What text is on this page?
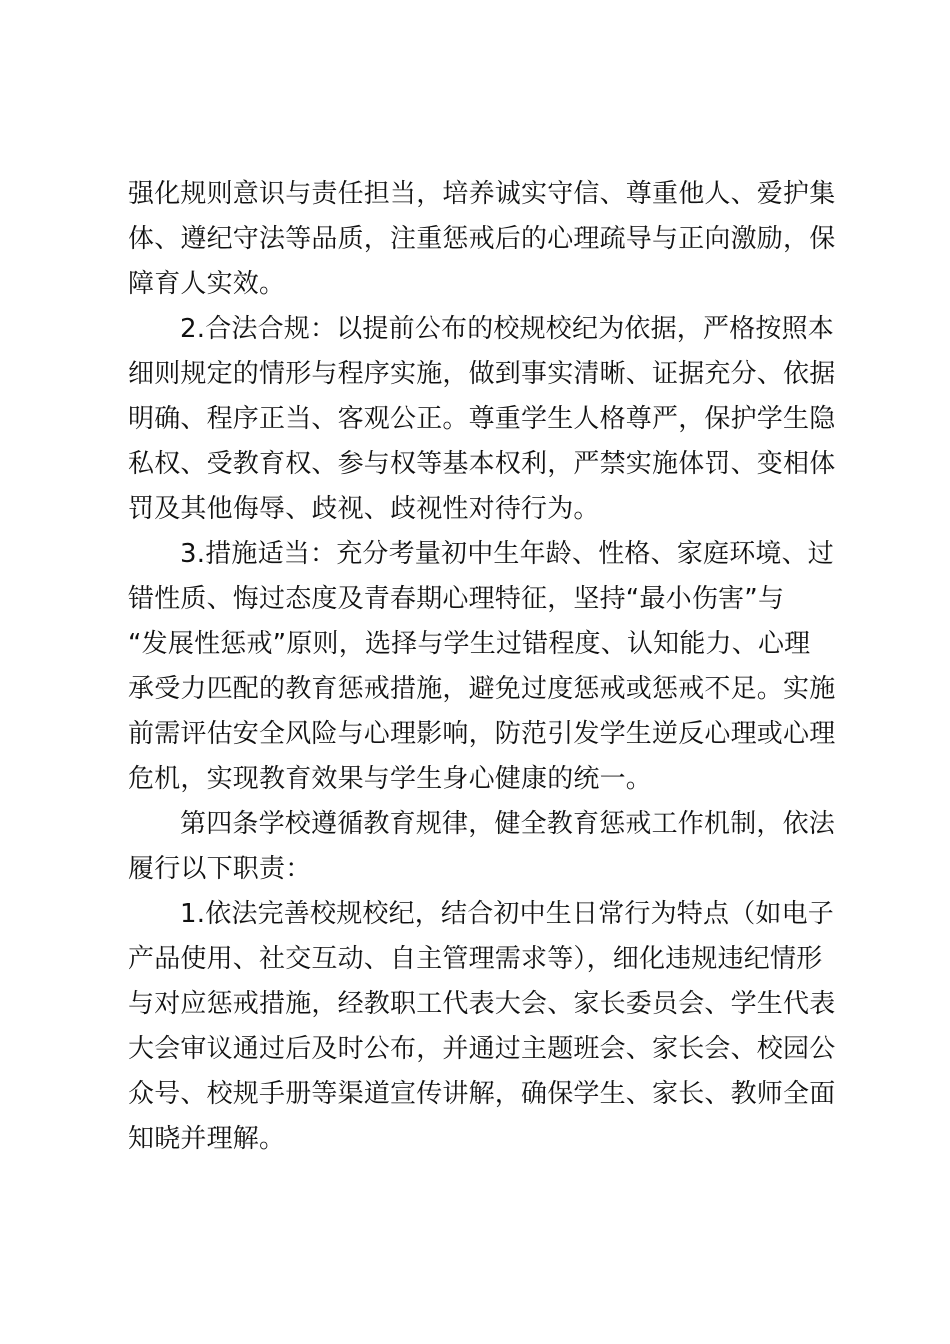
强化规则意识与责任担当，培养诚实守信、尊重他人、爱护集
体、遵纪守法等品质，注重惩戒后的心理疏导与正向激励，保
障育人实效。
2.合法合规：以提前公布的校规校纪为依据，严格按照本
细则规定的情形与程序实施，做到事实清晰、证据充分、依据
明确、程序正当、客观公正。尊重学生人格尊严，保护学生隐
私权、受教育权、参与权等基本权利，严禁实施体罚、变相体
罚及其他侮辱、歧视、歧视性对待行为。
3.措施适当：充分考量初中生年龄、性格、家庭环境、过
错性质、悔过态度及青春期心理特征，坚持“最小伤害”与
“发展性惩戒”原则，选择与学生过错程度、认知能力、心理
承受力匹配的教育惩戒措施，避免过度惩戒或惩戒不足。实施
前需评估安全风险与心理影响，防范引发学生逆反心理或心理
危机，实现教育效果与学生身心健康的统一。
第四条学校遵循教育规律，健全教育惩戒工作机制，依法
履行以下职责：
1.依法完善校规校纪，结合初中生日常行为特点（如电子
产品使用、社交互动、自主管理需求等），细化违规违纪情形
与对应惩戒措施，经教职工代表大会、家长委员会、学生代表
大会审议通过后及时公布，并通过主题班会、家长会、校园公
众号、校规手册等渠道宣传讲解，确保学生、家长、教师全面
知晓并理解。
